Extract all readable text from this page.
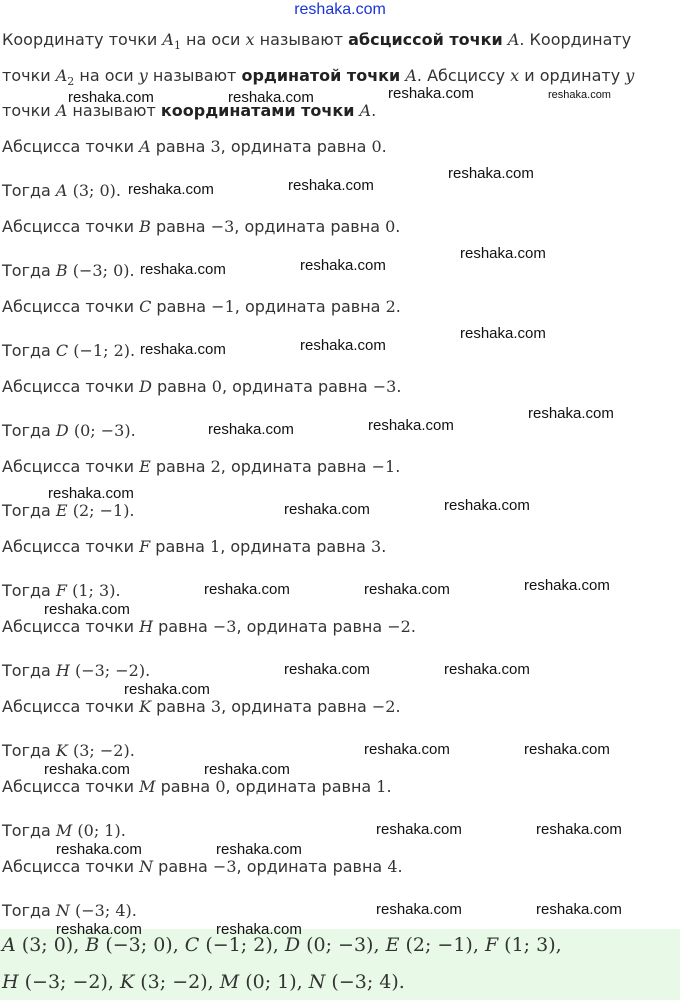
reshaka.com
Координату точки $A_1$ на оси x называют абсциссой точки A. Координату
точки $A_2$ на оси y называют ординатой точки A. Абсциссу x и ординату y
точки A называют координатами точки A.
Абсцисса точки A равна 3, ордината равна 0.
Тогда A (3; 0).
Абсцисса точки B равна −3, ордината равна 0.
Тогда B (−3; 0).
Абсцисса точки C равна −1, ордината равна 2.
Тогда C (−1; 2).
Абсцисса точки D равна 0, ордината равна −3.
Тогда D (0; −3).
Абсцисса точки E равна 2, ордината равна −1.
Тогда E (2; −1).
Абсцисса точки F равна 1, ордината равна 3.
Тогда F (1; 3).
Абсцисса точки H равна −3, ордината равна −2.
Тогда H (−3; −2).
Абсцисса точки K равна 3, ордината равна −2.
Тогда K (3; −2).
Абсцисса точки M равна 0, ордината равна 1.
Тогда M (0; 1).
Абсцисса точки N равна −3, ордината равна 4.
Тогда N (−3; 4).
A (3; 0), B (−3; 0), C (−1; 2), D (0; −3), E (2; −1), F (1; 3),
H (−3; −2), K (3; −2), M (0; 1), N (−3; 4).
reshaka.com	reshaka.com	reshaka.com	reshaka.com
reshaka.com	reshaka.com
reshaka.com
reshaka.com	reshaka.com
reshaka.com
reshaka.com	reshaka.com
reshaka.com
reshaka.com	reshaka.com
reshaka.com
reshaka.com
reshaka.com	reshaka.com
reshaka.com	reshaka.com	reshaka.com
reshaka.com
reshaka.com	reshaka.com
reshaka.com
reshaka.com	reshaka.com
reshaka.com	reshaka.com
reshaka.com	reshaka.com
reshaka.com	reshaka.com
reshaka.com	reshaka.com
reshaka.com	reshaka.com
